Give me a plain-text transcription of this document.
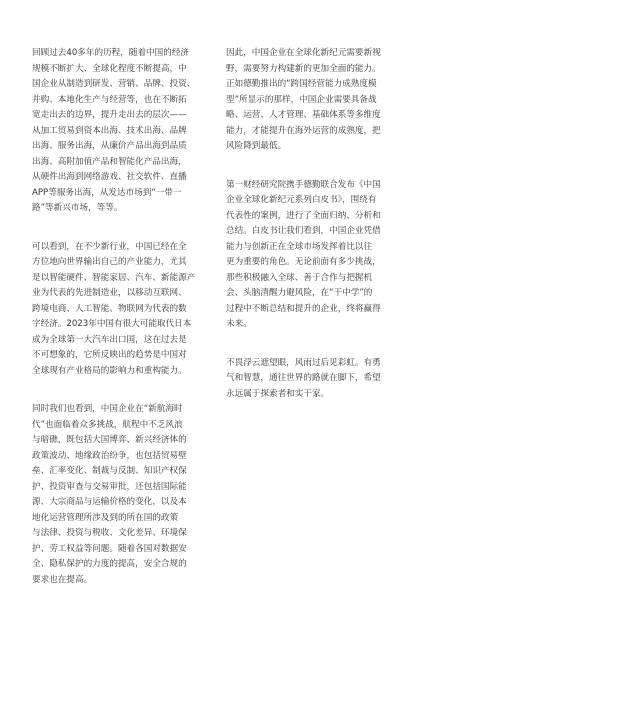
回顾过去40多年的历程，随着中国的经济
规模不断扩大、全球化程度不断提高，中
国企业从制造到研发、营销、品牌、投资、
并购、本地化生产与经营等，也在不断拓
宽走出去的边界，提升走出去的层次——
从加工贸易到资本出海、技术出海、品牌
出海、服务出海，从廉价产品出海到品质
出海、高附加值产品和智能化产品出海，
从硬件出海到网络游戏、社交软件、直播
APP等服务出海，从发达市场到“一带一
路”等新兴市场，等等。

可以看到，在不少新行业，中国已经在全
方位地向世界输出自己的产业能力，尤其
是以智能硬件、智能家居、汽车、新能源产
业为代表的先进制造业，以移动互联网、
跨境电商、人工智能、物联网为代表的数
字经济。2023年中国有很大可能取代日本
成为全球第一大汽车出口国，这在过去是
不可想象的，它所反映出的趋势是中国对
全球现有产业格局的影响力和重构能力。

同时我们也看到，中国企业在“新航海时
代”也面临着众多挑战，航程中不乏风浪
与暗礁，既包括大国博弈、新兴经济体的
政策波动、地缘政治纷争，也包括贸易壁
垒、汇率变化、制裁与反制、知识产权保
护、投资审查与交易审批，还包括国际能
源、大宗商品与运输价格的变化，以及本
地化运营管理所涉及到的所在国的政策
与法律、投资与税收、文化差异、环境保
护、劳工权益等问题。随着各国对数据安
全、隐私保护的力度的提高，安全合规的
要求也在提高。

因此，中国企业在全球化新纪元需要新视
野，需要努力构建新的更加全面的能力。
正如德勤推出的“跨国经营能力成熟度模
型”所显示的那样，中国企业需要具备战
略、运营、人才管理、基础体系等多维度
能力，才能提升在海外运营的成熟度，把
风险降到最低。

第一财经研究院携手德勤联合发布《中国
企业全球化新纪元系列白皮书》，围绕有
代表性的案例，进行了全面归纳、分析和
总结。白皮书让我们看到，中国企业凭借
能力与创新正在全球市场发挥着比以往
更为重要的角色。无论前面有多少挑战，
那些积极融入全球、善于合作与把握机
会、头脑清醒力避风险，在“干中学”的
过程中不断总结和提升的企业，终将赢得
未来。

不畏浮云遮望眼，风雨过后见彩虹。有勇
气和智慧，通往世界的路就在脚下，希望
永远属于探索者和实干家。
